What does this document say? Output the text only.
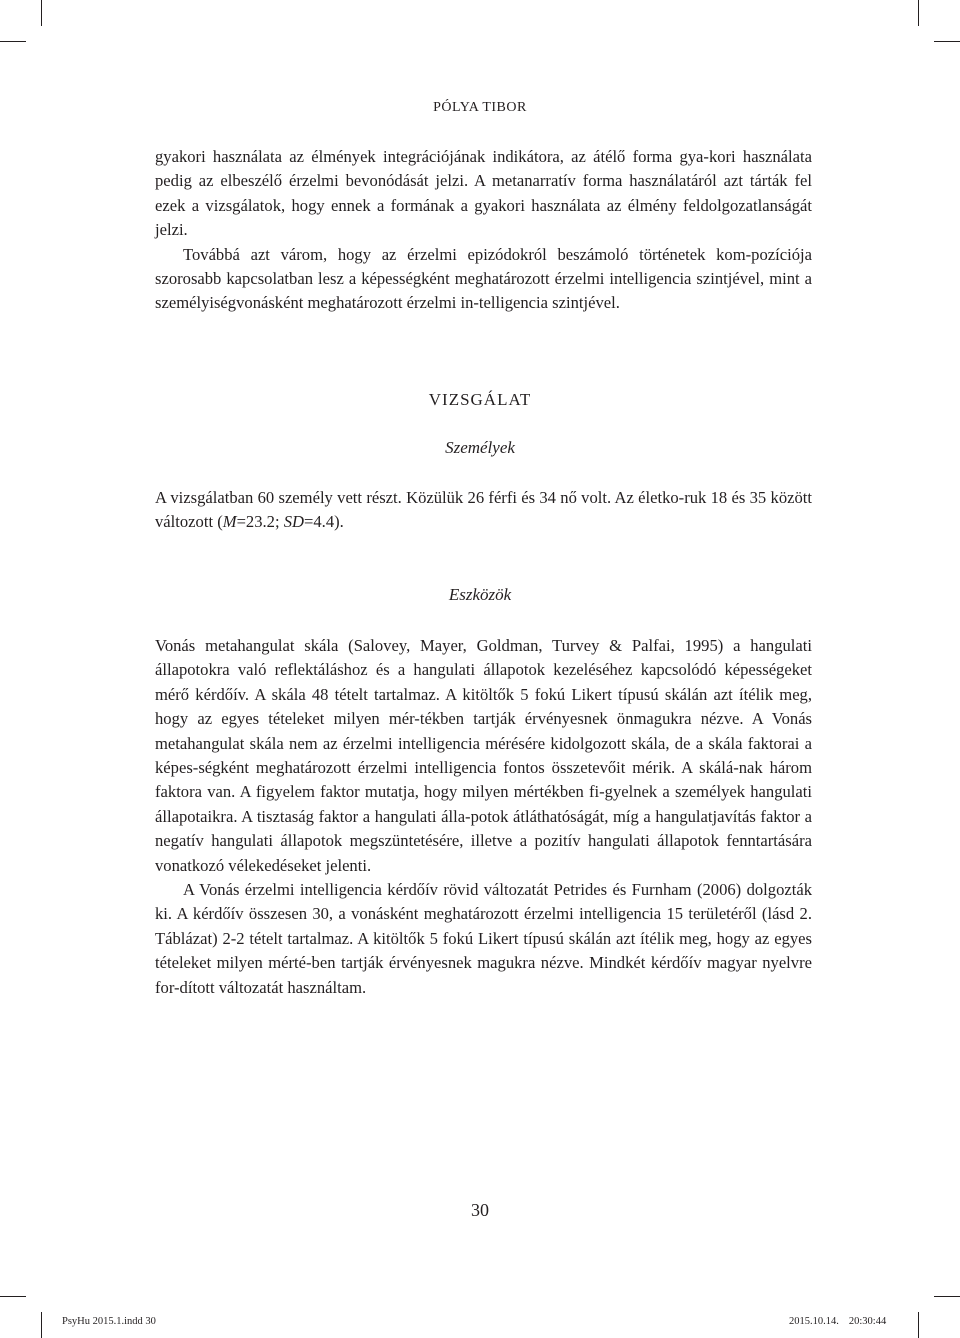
PÓLYA TIBOR

gyakori használata az élmények integrációjának indikátora, az átélő forma gya-kori használata pedig az elbeszélő érzelmi bevonódását jelzi. A metanarratív forma használatáról azt tárták fel ezek a vizsgálatok, hogy ennek a formának a gyakori használata az élmény feldolgozatlanságát jelzi.

Továbbá azt várom, hogy az érzelmi epizódokról beszámoló történetek kom-pozíciója szorosabb kapcsolatban lesz a képességként meghatározott érzelmi intelligencia szintjével, mint a személyiségvonásként meghatározott érzelmi in-telligencia szintjével.

VIZSGÁLAT
Személyek

A vizsgálatban 60 személy vett részt. Közülük 26 férfi és 34 nő volt. Az életko-ruk 18 és 35 között változott (M=23.2; SD=4.4).

Eszközök

Vonás metahangulat skála (Salovey, Mayer, Goldman, Turvey & Palfai, 1995) a hangulati állapotokra való reflektáláshoz és a hangulati állapotok kezeléséhez kapcsolódó képességeket mérő kérdőív. A skála 48 tételt tartalmaz. A kitöltők 5 fokú Likert típusú skálán azt ítélik meg, hogy az egyes tételeket milyen mér-tékben tartják érvényesnek önmagukra nézve. A Vonás metahangulat skála nem az érzelmi intelligencia mérésére kidolgozott skála, de a skála faktorai a képes-ségként meghatározott érzelmi intelligencia fontos összetevőit mérik. A skálá-nak három faktora van. A figyelem faktor mutatja, hogy milyen mértékben fi-gyelnek a személyek hangulati állapotaikra. A tisztaság faktor a hangulati álla-potok átláthatóságát, míg a hangulatjavítás faktor a negatív hangulati állapotok megszüntetésére, illetve a pozitív hangulati állapotok fenntartására vonatkozó vélekedéseket jelenti.

A Vonás érzelmi intelligencia kérdőív rövid változatát Petrides és Furnham (2006) dolgozták ki. A kérdőív összesen 30, a vonásként meghatározott érzelmi intelligencia 15 területéről (lásd 2. Táblázat) 2-2 tételt tartalmaz. A kitöltők 5 fokú Likert típusú skálán azt ítélik meg, hogy az egyes tételeket milyen mérté-ben tartják érvényesnek magukra nézve. Mindkét kérdőív magyar nyelvre for-dított változatát használtam.

30
PsyHu 2015.1.indd 30	2015.10.14. 20:30:44
